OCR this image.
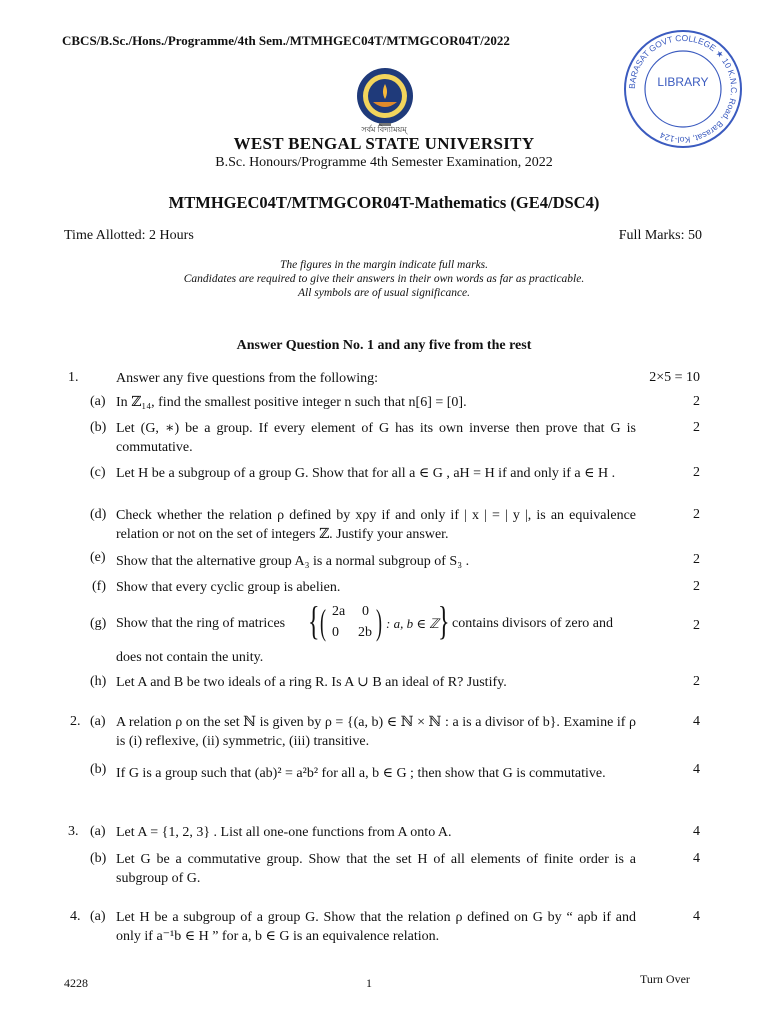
CBCS/B.Sc./Hons./Programme/4th Sem./MTMHGEC04T/MTMGCOR04T/2022
BARASAT GOVT COLLEGE ★ 10 K.N.C. Road, Barasat, Kol-124
LIBRARY
সৰ্বম বিদ্যাময়ম্
WEST BENGAL STATE UNIVERSITY
B.Sc. Honours/Programme 4th Semester Examination, 2022
MTMHGEC04T/MTMGCOR04T-Mathematics (GE4/DSC4)
Time Allotted: 2 Hours	Full Marks: 50
The figures in the margin indicate full marks.
Candidates are required to give their answers in their own words as far as practicable.
All symbols are of usual significance.
Answer Question No. 1 and any five from the rest
1.	Answer any five questions from the following:	2×5 = 10
(a) In ℤ₁₄, find the smallest positive integer n such that n[6] = [0].	2
(b) Let (G, ∗) be a group. If every element of G has its own inverse then prove that G is commutative.
2
(c) Let H be a subgroup of a group G. Show that for all a ∈ G , aH = H if and only if a ∈ H .	2
(d) Check whether the relation ρ defined by xρy if and only if | x | = | y |, is an equivalence relation or not on the set of integers ℤ. Justify your answer.
2
(e) Show that the alternative group A₃ is a normal subgroup of S₃ .	2
(f) Show that every cyclic group is abelien.	2
(g) Show that the ring of matrices { ( 2a 0
0 2b ) : a, b ∈ ℤ } contains divisors of zero and	2
does not contain the unity.
(h) Let A and B be two ideals of a ring R. Is A ∪ B an ideal of R? Justify.	2
2. (a) A relation ρ on the set ℕ is given by ρ = {(a, b) ∈ ℕ × ℕ : a is a divisor of b}. Examine if ρ is (i) reflexive, (ii) symmetric, (iii) transitive.
4
(b) If G is a group such that (ab)² = a²b² for all a, b ∈ G ; then show that G is commutative.	4
3. (a) Let A = {1, 2, 3} . List all one-one functions from A onto A.	4
(b) Let G be a commutative group. Show that the set H of all elements of finite order is a subgroup of G.
4
4. (a) Let H be a subgroup of a group G. Show that the relation ρ defined on G by “ aρb if and only if a⁻¹b ∈ H ” for a, b ∈ G is an equivalence relation.
4
4228	1	Turn Over
